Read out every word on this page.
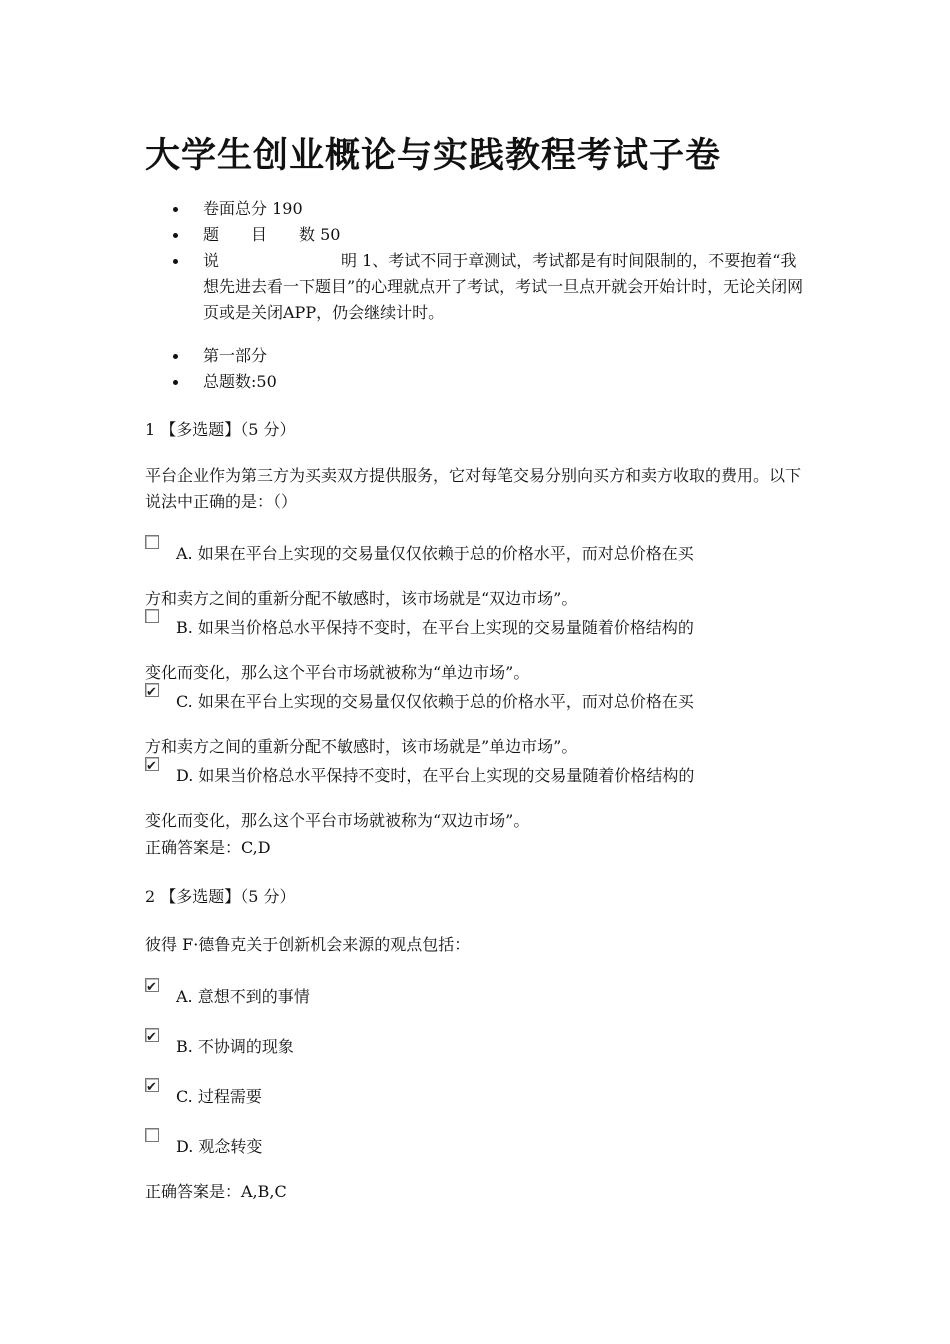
大学生创业概论与实践教程考试子卷
卷面总分 190
题　　目　　数 50
说	明 1、考试不同于章测试，考试都是有时间限制的，不要抱着“我想先进去看一下题目”的心理就点开了考试，考试一旦点开就会开始计时，无论关闭网页或是关闭APP，仍会继续计时。
第一部分
总题数:50
1 【多选题】（5 分）
平台企业作为第三方为买卖双方提供服务，它对每笔交易分别向买方和卖方收取的费用。以下说法中正确的是：（）
A. 如果在平台上实现的交易量仅仅依赖于总的价格水平，而对总价格在买
方和卖方之间的重新分配不敏感时，该市场就是“双边市场”。
B. 如果当价格总水平保持不变时，在平台上实现的交易量随着价格结构的
变化而变化，那么这个平台市场就被称为“单边市场”。
✔
C. 如果在平台上实现的交易量仅仅依赖于总的价格水平，而对总价格在买
方和卖方之间的重新分配不敏感时，该市场就是”单边市场”。
✔
D. 如果当价格总水平保持不变时，在平台上实现的交易量随着价格结构的
变化而变化，那么这个平台市场就被称为“双边市场”。
正确答案是：C,D
2 【多选题】（5 分）
彼得 F·德鲁克关于创新机会来源的观点包括：
✔
A. 意想不到的事情
✔
B. 不协调的现象
✔
C. 过程需要
D. 观念转变
正确答案是：A,B,C
